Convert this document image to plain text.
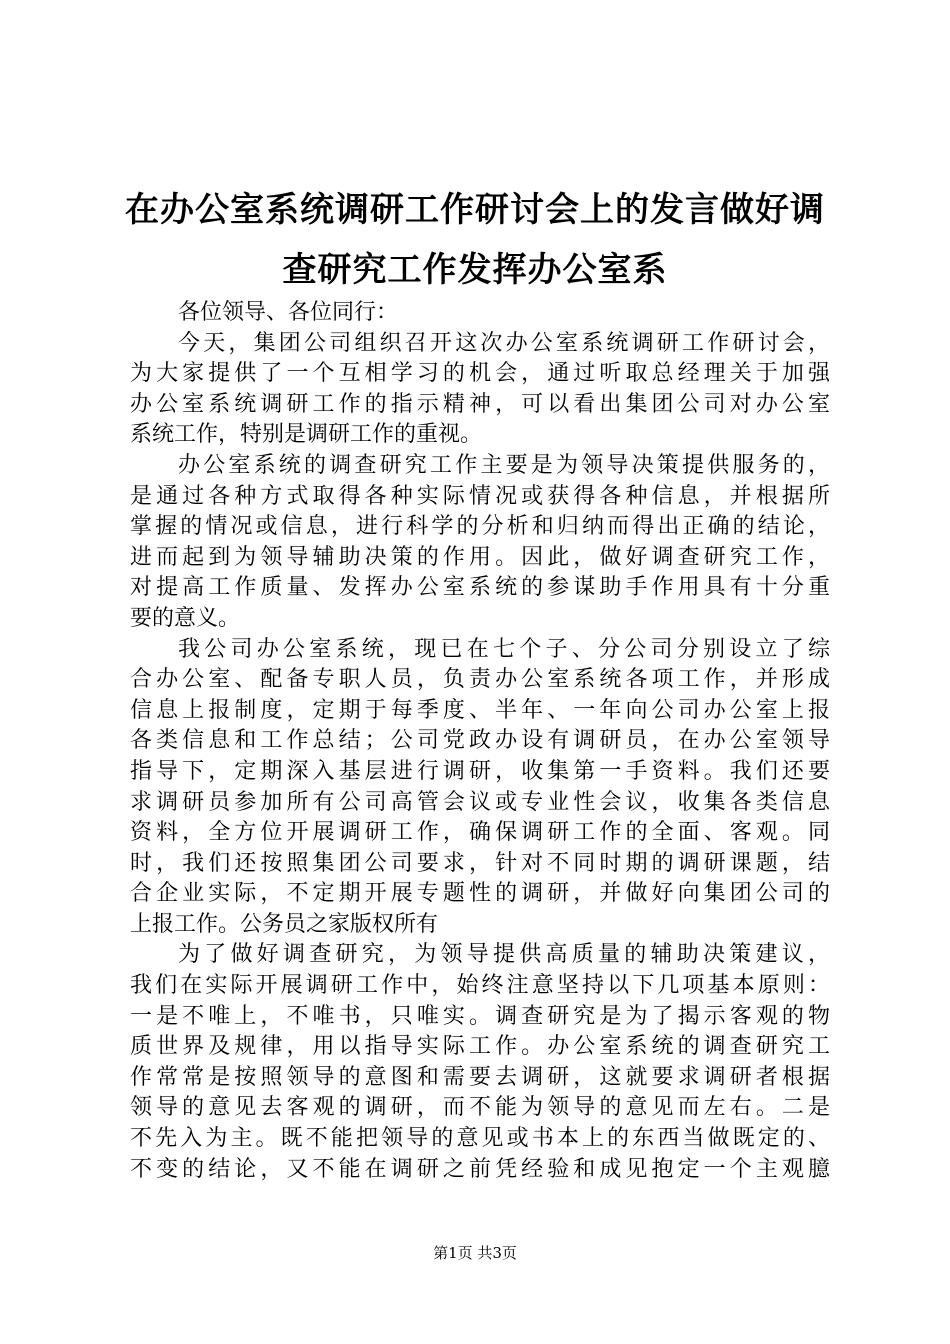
在办公室系统调研工作研讨会上的发言做好调
查研究工作发挥办公室系
各位领导、各位同行：
今天，集团公司组织召开这次办公室系统调研工作研讨会，
为大家提供了一个互相学习的机会，通过听取总经理关于加强
办公室系统调研工作的指示精神，可以看出集团公司对办公室
系统工作，特别是调研工作的重视。
办公室系统的调查研究工作主要是为领导决策提供服务的，
是通过各种方式取得各种实际情况或获得各种信息，并根据所
掌握的情况或信息，进行科学的分析和归纳而得出正确的结论，
进而起到为领导辅助决策的作用。因此，做好调查研究工作，
对提高工作质量、发挥办公室系统的参谋助手作用具有十分重
要的意义。
我公司办公室系统，现已在七个子、分公司分别设立了综
合办公室、配备专职人员，负责办公室系统各项工作，并形成
信息上报制度，定期于每季度、半年、一年向公司办公室上报
各类信息和工作总结；公司党政办设有调研员，在办公室领导
指导下，定期深入基层进行调研，收集第一手资料。我们还要
求调研员参加所有公司高管会议或专业性会议，收集各类信息
资料，全方位开展调研工作，确保调研工作的全面、客观。同
时，我们还按照集团公司要求，针对不同时期的调研课题，结
合企业实际，不定期开展专题性的调研，并做好向集团公司的
上报工作。公务员之家版权所有
为了做好调查研究，为领导提供高质量的辅助决策建议，
我们在实际开展调研工作中，始终注意坚持以下几项基本原则：
一是不唯上，不唯书，只唯实。调查研究是为了揭示客观的物
质世界及规律，用以指导实际工作。办公室系统的调查研究工
作常常是按照领导的意图和需要去调研，这就要求调研者根据
领导的意见去客观的调研，而不能为领导的意见而左右。二是
不先入为主。既不能把领导的意见或书本上的东西当做既定的、
不变的结论，又不能在调研之前凭经验和成见抱定一个主观臆
第1页 共3页
